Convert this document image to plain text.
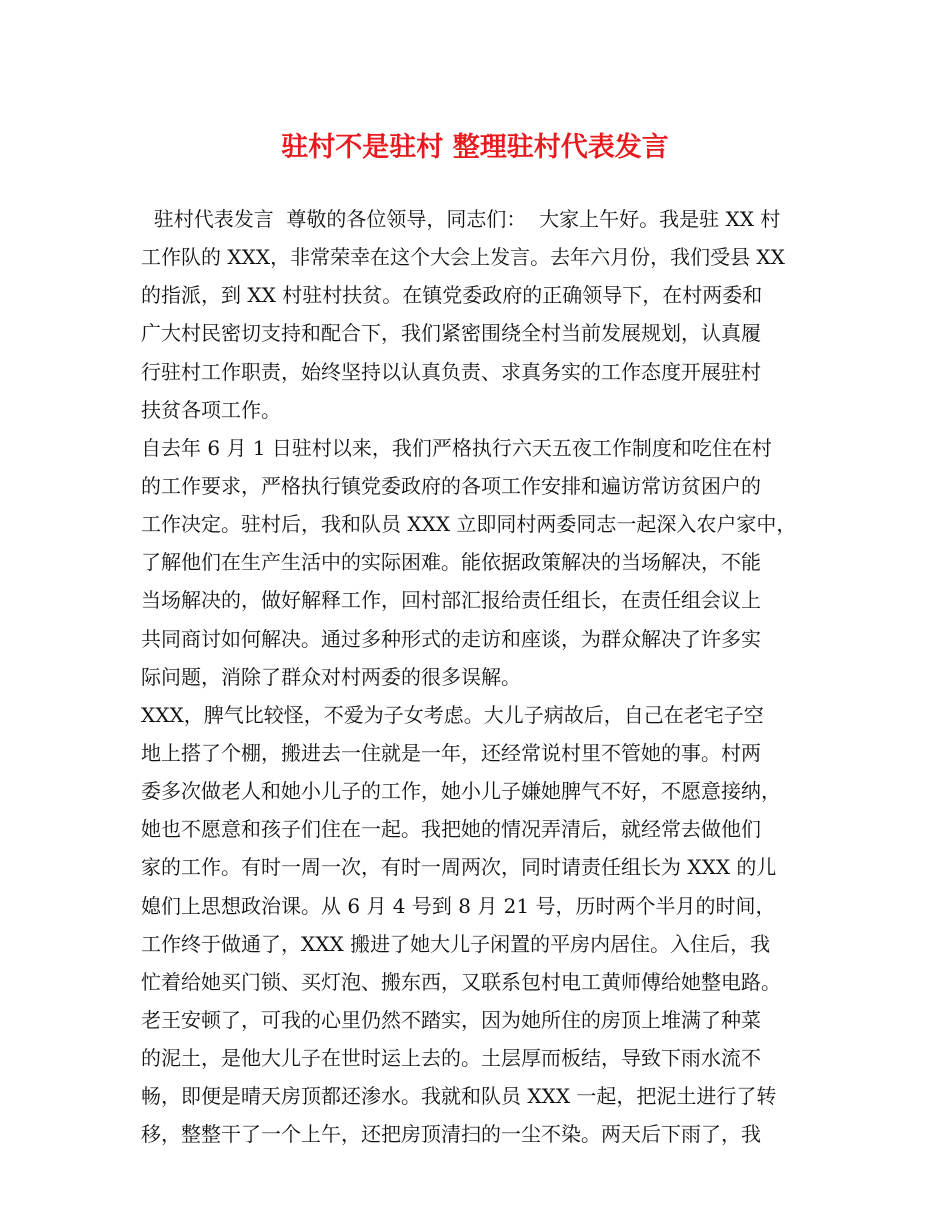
驻村不是驻村 整理驻村代表发言

驻村代表发言  尊敬的各位领导，同志们：  大家上午好。我是驻 XX 村

工作队的 XXX，非常荣幸在这个大会上发言。去年六月份，我们受县 XX

的指派，到 XX 村驻村扶贫。在镇党委政府的正确领导下，在村两委和

广大村民密切支持和配合下，我们紧密围绕全村当前发展规划，认真履

行驻村工作职责，始终坚持以认真负责、求真务实的工作态度开展驻村

扶贫各项工作。

自去年 6 月 1 日驻村以来，我们严格执行六天五夜工作制度和吃住在村

的工作要求，严格执行镇党委政府的各项工作安排和遍访常访贫困户的

工作决定。驻村后，我和队员 XXX 立即同村两委同志一起深入农户家中，

了解他们在生产生活中的实际困难。能依据政策解决的当场解决，不能

当场解决的，做好解释工作，回村部汇报给责任组长，在责任组会议上

共同商讨如何解决。通过多种形式的走访和座谈，为群众解决了许多实

际问题，消除了群众对村两委的很多误解。

XXX，脾气比较怪，不爱为子女考虑。大儿子病故后，自己在老宅子空

地上搭了个棚，搬进去一住就是一年，还经常说村里不管她的事。村两

委多次做老人和她小儿子的工作，她小儿子嫌她脾气不好，不愿意接纳，

她也不愿意和孩子们住在一起。我把她的情况弄清后，就经常去做他们

家的工作。有时一周一次，有时一周两次，同时请责任组长为 XXX 的儿

媳们上思想政治课。从 6 月 4 号到 8 月 21 号，历时两个半月的时间，

工作终于做通了，XXX 搬进了她大儿子闲置的平房内居住。入住后，我

忙着给她买门锁、买灯泡、搬东西，又联系包村电工黄师傅给她整电路。

老王安顿了，可我的心里仍然不踏实，因为她所住的房顶上堆满了种菜

的泥土，是他大儿子在世时运上去的。土层厚而板结，导致下雨水流不

畅，即便是晴天房顶都还渗水。我就和队员 XXX 一起，把泥土进行了转

移，整整干了一个上午，还把房顶清扫的一尘不染。两天后下雨了，我
